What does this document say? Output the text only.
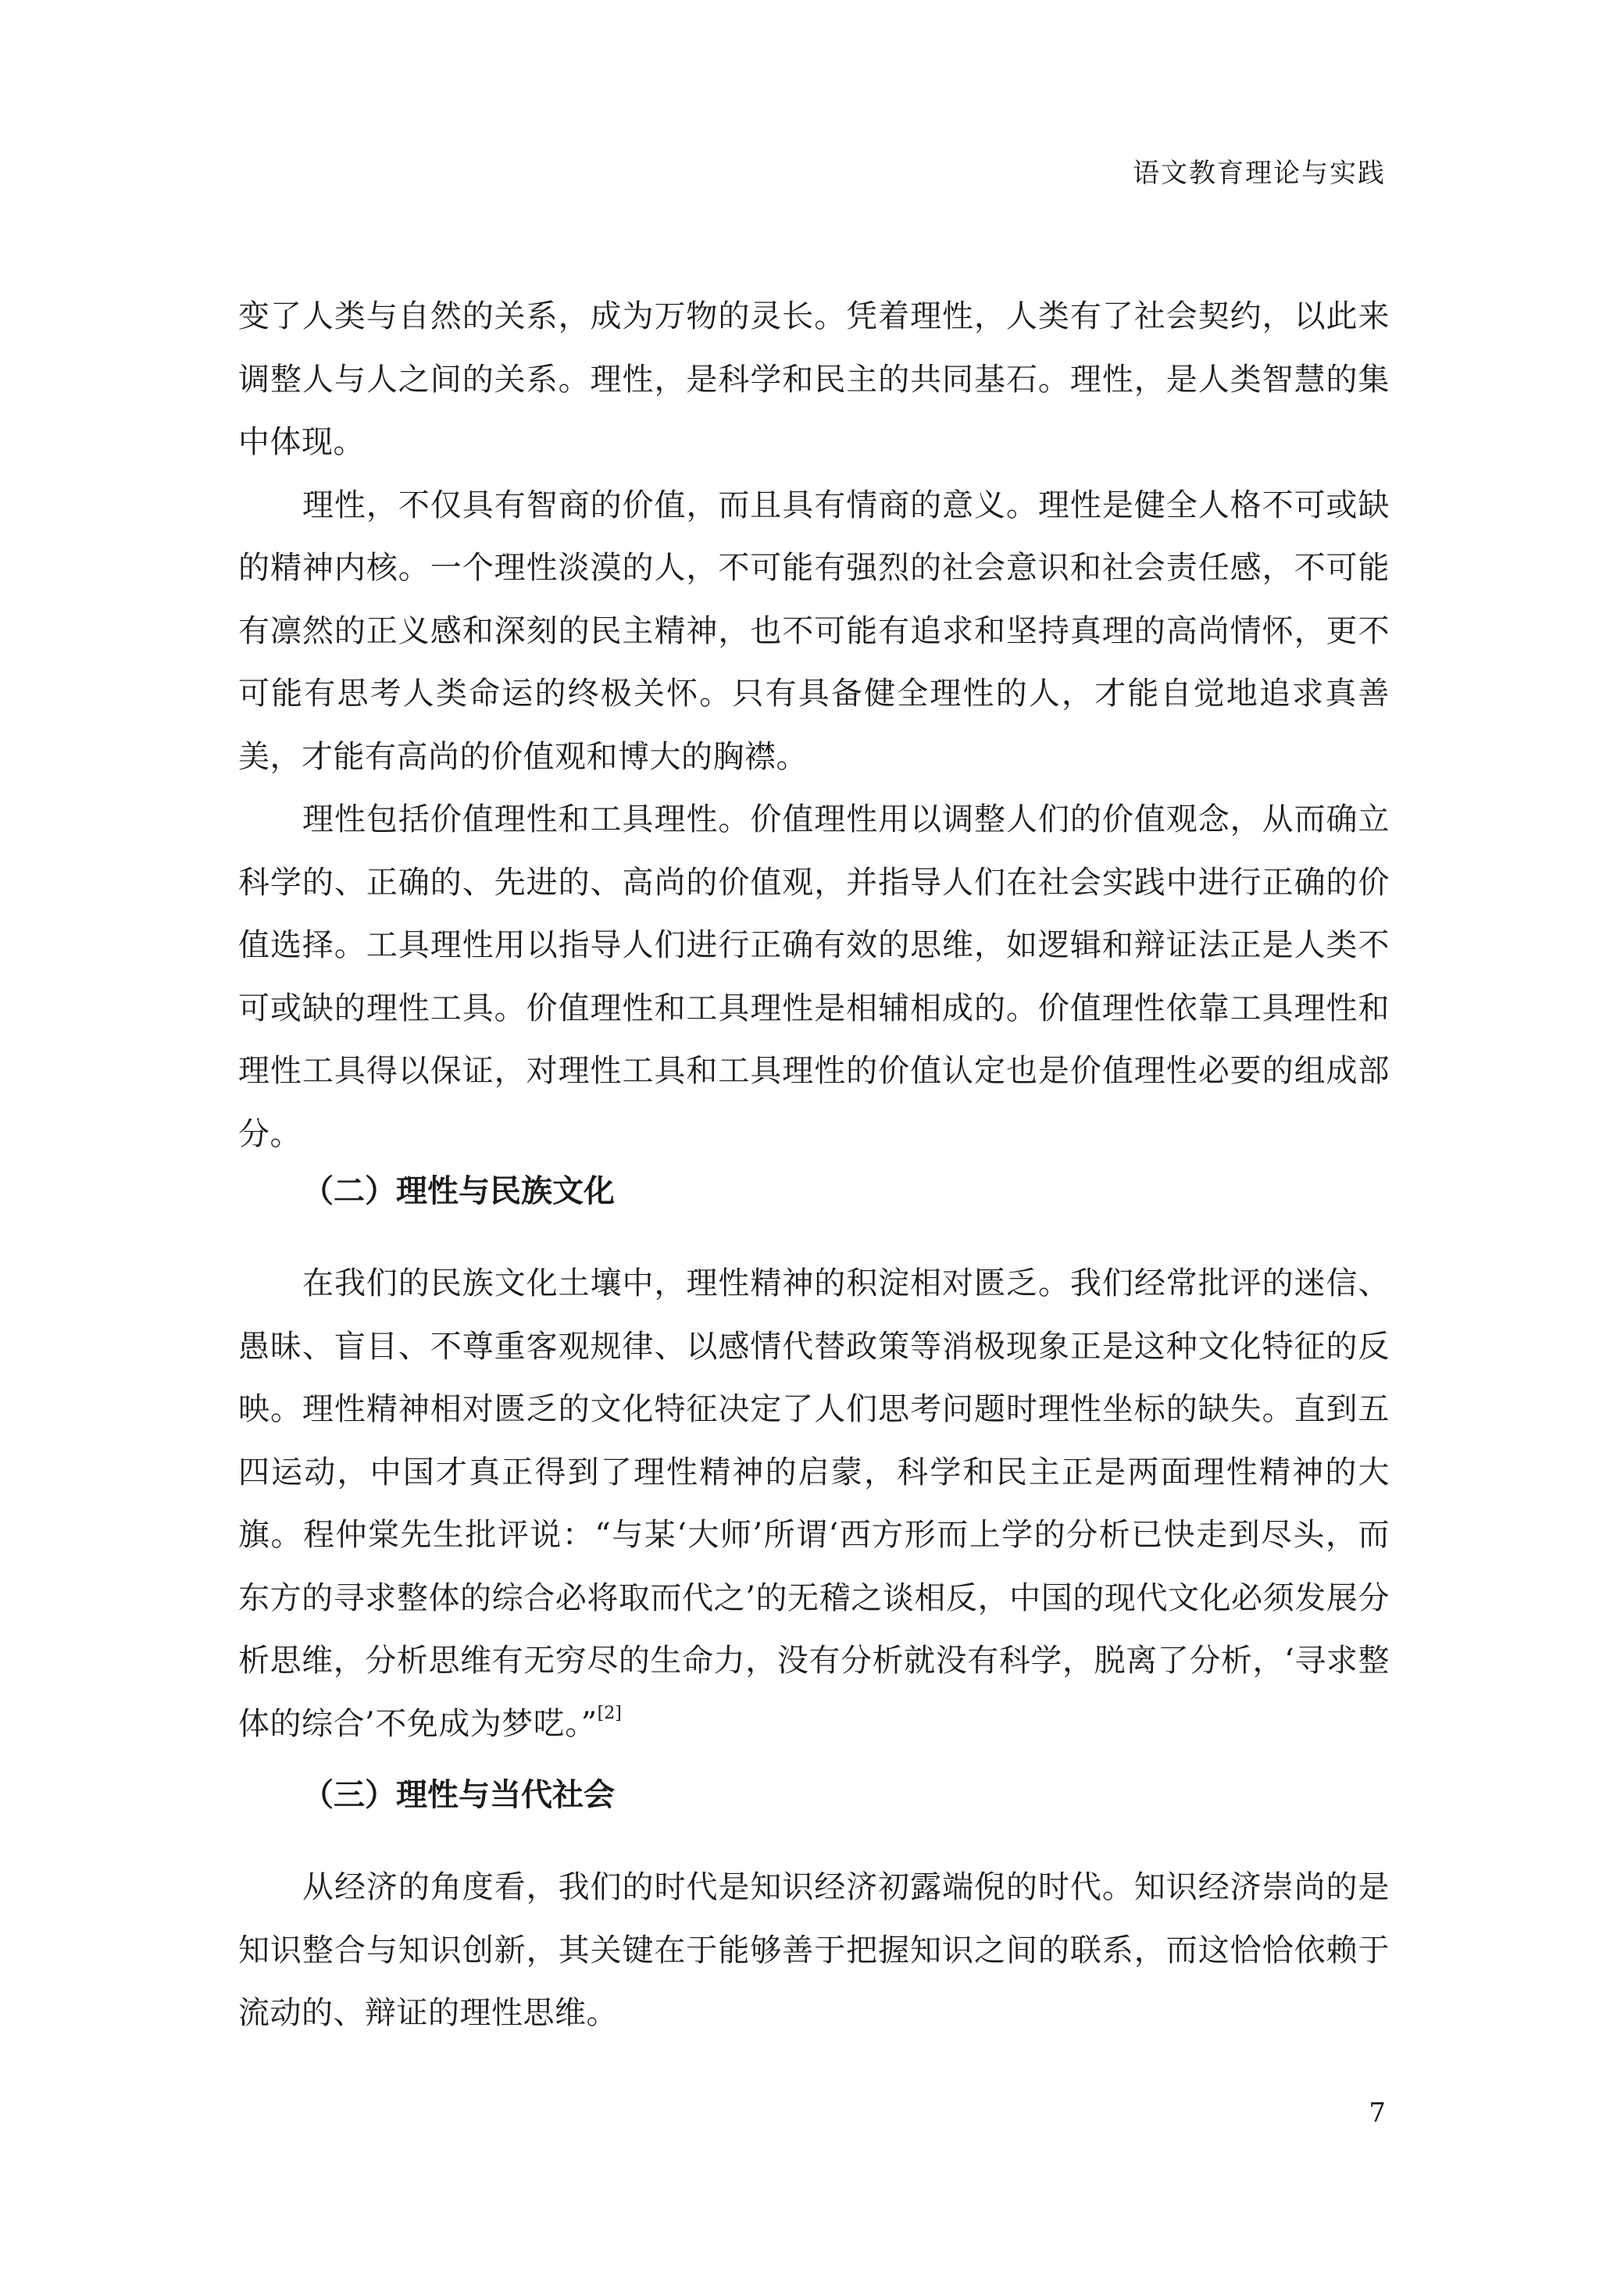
语文教育理论与实践

变了人类与自然的关系，成为万物的灵长。凭着理性，人类有了社会契约，以此来调整人与人之间的关系。理性，是科学和民主的共同基石。理性，是人类智慧的集中体现。

理性，不仅具有智商的价值，而且具有情商的意义。理性是健全人格不可或缺的精神内核。一个理性淡漠的人，不可能有强烈的社会意识和社会责任感，不可能有凛然的正义感和深刻的民主精神，也不可能有追求和坚持真理的高尚情怀，更不可能有思考人类命运的终极关怀。只有具备健全理性的人，才能自觉地追求真善美，才能有高尚的价值观和博大的胸襟。

理性包括价值理性和工具理性。价值理性用以调整人们的价值观念，从而确立科学的、正确的、先进的、高尚的价值观，并指导人们在社会实践中进行正确的价值选择。工具理性用以指导人们进行正确有效的思维，如逻辑和辩证法正是人类不可或缺的理性工具。价值理性和工具理性是相辅相成的。价值理性依靠工具理性和理性工具得以保证，对理性工具和工具理性的价值认定也是价值理性必要的组成部分。

（二）理性与民族文化

在我们的民族文化土壤中，理性精神的积淀相对匮乏。我们经常批评的迷信、愚昧、盲目、不尊重客观规律、以感情代替政策等消极现象正是这种文化特征的反映。理性精神相对匮乏的文化特征决定了人们思考问题时理性坐标的缺失。直到五四运动，中国才真正得到了理性精神的启蒙，科学和民主正是两面理性精神的大旗。程仲棠先生批评说：“与某‘大师’所谓‘西方形而上学的分析已快走到尽头，而东方的寻求整体的综合必将取而代之’的无稽之谈相反，中国的现代文化必须发展分析思维，分析思维有无穷尽的生命力，没有分析就没有科学，脱离了分析，‘寻求整体的综合’不免成为梦呓。”[2]

（三）理性与当代社会

从经济的角度看，我们的时代是知识经济初露端倪的时代。知识经济崇尚的是知识整合与知识创新，其关键在于能够善于把握知识之间的联系，而这恰恰依赖于流动的、辩证的理性思维。

7
